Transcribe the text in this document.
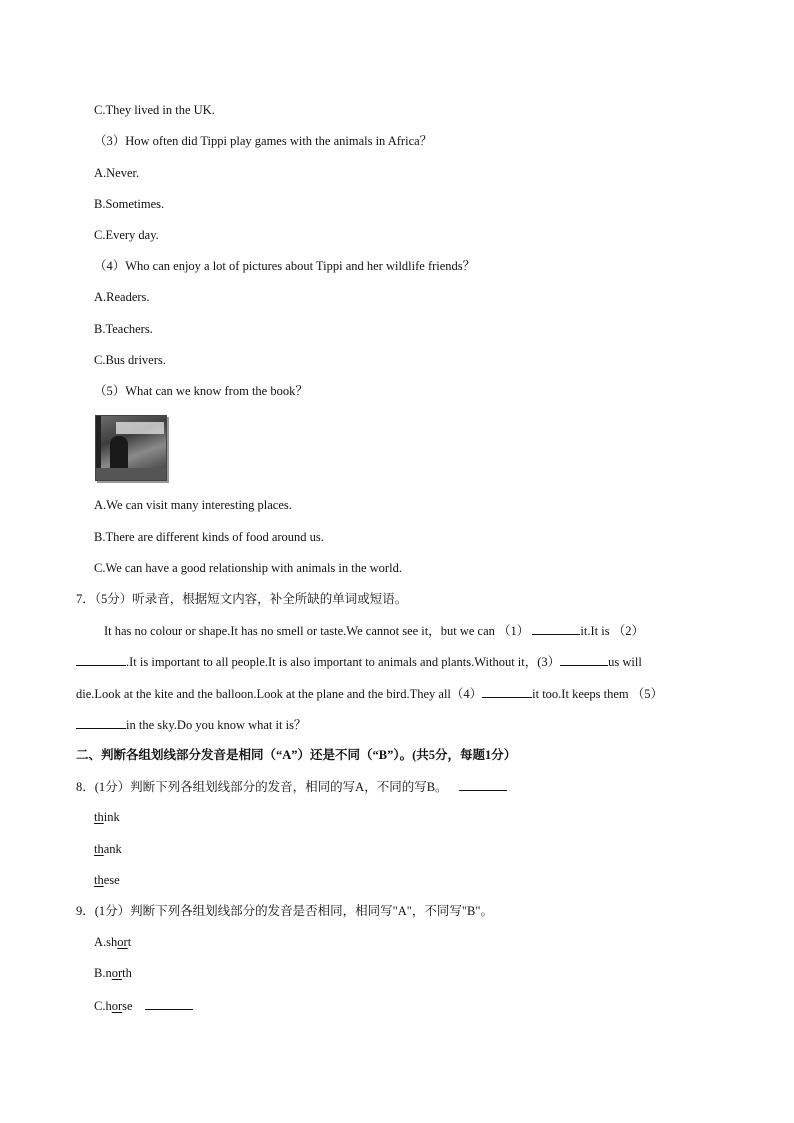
C.They lived in the UK.
（3）How often did Tippi play games with the animals in Africa？
A.Never.
B.Sometimes.
C.Every day.
（4）Who can enjoy a lot of pictures about Tippi and her wildlife friends？
A.Readers.
B.Teachers.
C.Bus drivers.
（5）What can we know from the book？
A.We can visit many interesting places.
B.There are different kinds of food around us.
C.We can have a good relationship with animals in the world.
7．（5分）听录音，根据短文内容，补全所缺的单词或短语。
It has no colour or shape.It has no smell or taste.We cannot see it，but we can （1）	it.It is （2）
.It is important to all people.It is also important to animals and plants.Without it，(3）	us will
die.Look at the kite and the balloon.Look at the plane and the bird.They all（4）	it too.It keeps them （5）
in the sky.Do you know what it is？
二、判断各组划线部分发音是相同（“A”）还是不同（“B”）。(共5分，每题1分）
8．(1分）判断下列各组划线部分的发音，相同的写A，不同的写B。
think
thank
these
9．(1分）判断下列各组划线部分的发音是否相同，相同写"A"，不同写"B"。
A.short
B.north
C.horse
